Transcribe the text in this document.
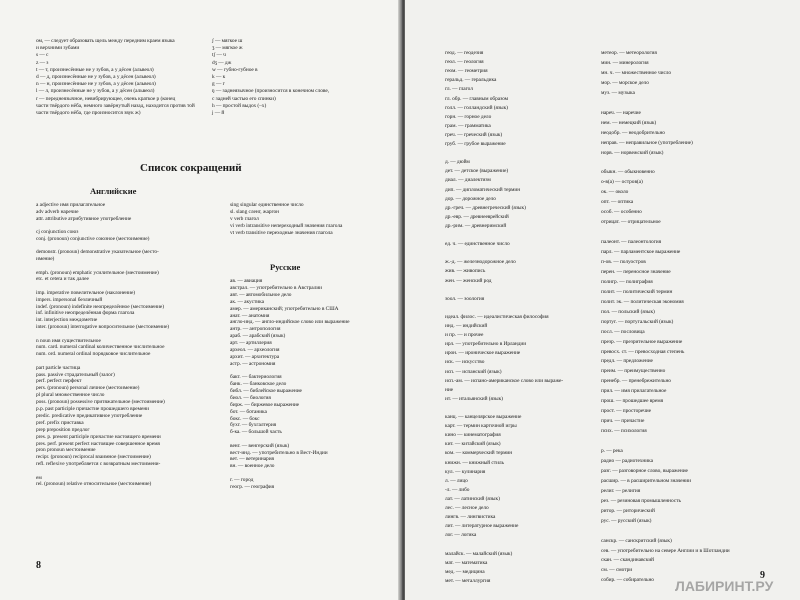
ом, — следует образовать щель между передним краем языка
и верхними зубами
s — с
z — з
t — т, произнесённые не у зубов, а у дёсен (альвеол)
d — д, произнесённые не у зубов, а у дёсен (альвеол)
n — н, произнесённые не у зубов, а у дёсен (альвеол)
l — л, произнесённые не у зубов, а у дёсен (альвеол)
r — переднеязычное, невибрирующее, очень краткое р (конец
части твёрдого нёба, немного завёрнутый назад, находится против той
части твёрдого нёба, где произносится звук ж)
ʃ — мягкое ш
ʒ — мягкое ж
tʃ — ч
dʒ — дж
w — губно-губное в
k — к
g — г
ŋ — заднеязычное (произносится в конечном слове,
с задней частью его спинки)
h — простой выдох (–х)
j — й
Список сокращений
Английские
Русские
a adjective имя прилагательное
adv adverb наречие
attr. attributive атрибутивное употребление
cj conjunction союз
conj. (pronoun) conjunctive союзное (местоимение)
demonstr. (pronoun) demonstrative указательное (место-
имение)
emph. (pronoun) emphatic усилительное (местоимение)
etc. et cetera и так далее
imp. imperative повелительное (наклонение)
impers. impersonal безличный
indef. (pronoun) indefinite неопределённое (местоимение)
inf. infinitive неопределённая форма глагола
int. interjection междометие
inter. (pronoun) interrogative вопросительное (местоимение)
n noun имя существительное
num. card. numeral cardinal количественное числительное
num. ord. numeral ordinal порядковое числительное
part particle частица
pass. passive страдательный (залог)
perf. perfect перфект
pers. (pronoun) personal личное (местоимение)
pl plural множественное число
poss. (pronoun) possessive притяжательное (местоимение)
p.p. past participle причастие прошедшего времени
predic. predicative предикативное употребление
pref. prefix приставка
prep preposition предлог
pres. p. present participle причастие настоящего времени
pres. perf. present perfect настоящее совершенное время
pron pronoun местоимение
recipr. (pronoun) reciprocal взаимное (местоимение)
refl. reflexive употребляется с возвратным местоимени-
ем
rel. (pronoun) relative относительное (местоимение)
sing singular единственное число
sl. slang сленг, жаргон
v verb глагол
vi verb intransitive непереходный значения глагола
vt verb transitive переходные значения глагола
ав. — авиация
австрал. — употребительно в Австралии
авт. — автомобильное дело
ак. — акустика
амер. — американский; употребительно в США
анат. — анатомия
англо-инд. — англо-индийское слово или выражение
антр. — антропология
араб. — арабский (язык)
арт. — артиллерия
археол. — археология
архит. — архитектура
астр. — астрономия
бакт. — бактериология
банк. — банковское дело
библ. — библейское выражение
биол. — биология
бирж. — биржевое выражение
бот. — ботаника
бокс. — бокс
бухг. — бухгалтерия
б-ка. — большой часть
венг. — венгерский (язык)
вест-инд. — употребительно в Вест-Индии
вет. — ветеринария
вн. — военное дело
г. — город
геогр. — география
8
геод. — геодезия
геол. — геология
геом. — геометрия
геральд. — геральдика
гл. — глагол
гл. обр. — главным образом
голл. — голландский (язык)
горн. — горное дело
грам. — грамматика
греч. — греческий (язык)
груб. — грубое выражение
д. — дюйм
дет. — детское (выражение)
диал. — диалектизм
дип. — дипломатический термин
дор. — дорожное дело
др.-греч. — древнегреческий (язык)
др.-евр. — древнееврейский
др.-рим. — древнеримский
ед. ч. — единственное число
ж.-д. — железнодорожное дело
жив. — живопись
жен. — женский род
зоол. — зоология
идеал. филос. — идеалистическая философия
инд. — индийский
и пр. — и прочее
ирл. — употребительно в Ирландии
ирон. — ироническое выражение
иск. — искусство
исп. — испанский (язык)
исп.-ам. — испано-американское слово или выраже-
ние
ит. — итальянский (язык)
канц. — канцелярское выражение
карт. — термин карточной игры
кино — кинематография
кит. — китайский (язык)
ком. — коммерческий термин
книжн. — книжный стиль
кул. — кулинария
л. — лицо
-л. — либо
лат. — латинский (язык)
лес. — лесное дело
лингв. — лингвистика
лит. — литературное выражение
лог. — логика
малайск. — малайский (язык)
мат. — математика
мед. — медицина
мет. — металлургия
метеор. — метеорология
мин. — минерология
мн. ч. — множественное число
мор. — морское дело
муз. — музыка
нареч. — наречие
нем. — немецкий (язык)
неодобр. — неодобрительно
неправ. — неправильное (употребление)
норв. — норвежский (язык)
обыкн. — обыкновенно
о-в(а) — остров(а)
ок. — около
опт. — оптика
особ. — особенно
отрицат. — отрицательное
палеонт. — палеонтология
парл. — парламентское выражение
п-ов. — полуостров
перен. — переносное значение
полигр. — полиграфия
полит. — политический термин
полит. эк. — политическая экономия
пол. — польский (язык)
португ. — португальский (язык)
посл. — пословица
презр. — презрительное выражение
превосх. ст. — превосходная степень
предл. — предложение
преим. — преимущественно
пренебр. — пренебрежительно
прил. — имя прилагательное
прош. — прошедшее время
прост. — просторечие
прич. — причастие
псих. — психология
р. — река
радио — радиотехника
разг. — разговорное слово, выражение
расшир. — в расширительном значении
религ. — религия
рез. — резиновая промышленность
ритор. — риторический
рус. — русский (язык)
санскр. — санскритский (язык)
сев. — употребительно на севере Англии и в Шотландии
скан. — скандинавский
см. — смотри
собир. — собирательно	9
ЛАБИРИНТ.РУ
